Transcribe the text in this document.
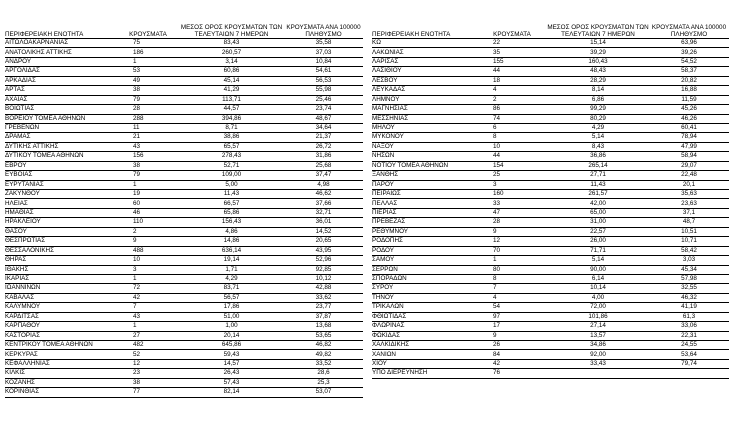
ΠΕΡΙΦΕΡΕΙΑΚΗ ΕΝΟΤΗΤΑ	ΚΡΟΥΣΜΑΤΑ	ΜΕΣΟΣ ΟΡΟΣ ΚΡΟΥΣΜΑΤΩΝ ΤΩΝ ΤΕΛΕΥΤΑΙΩΝ 7 ΗΜΕΡΩΝ	ΚΡΟΥΣΜΑΤΑ ΑΝΑ 100000 ΠΛΗΘΥΣΜΟ
ΑΙΤΩΛΟΑΚΑΡΝΑΝΙΑΣ	75	83,43	35,58
ΑΝΑΤΟΛΙΚΗΣ ΑΤΤΙΚΗΣ	186	260,57	37,03
ΑΝΔΡΟΥ	1	3,14	10,84
ΑΡΓΟΛΙΔΑΣ	53	60,86	54,61
ΑΡΚΑΔΙΑΣ	49	45,14	56,53
ΑΡΤΑΣ	38	41,29	55,98
ΑΧΑΪΑΣ	79	113,71	25,46
ΒΟΙΩΤΙΑΣ	28	44,57	23,74
ΒΟΡΕΙΟΥ ΤΟΜΕΑ ΑΘΗΝΩΝ	288	394,86	48,67
ΓΡΕΒΕΝΩΝ	11	8,71	34,64
ΔΡΑΜΑΣ	21	38,86	21,37
ΔΥΤΙΚΗΣ ΑΤΤΙΚΗΣ	43	65,57	26,72
ΔΥΤΙΚΟΥ ΤΟΜΕΑ ΑΘΗΝΩΝ	156	278,43	31,86
ΕΒΡΟΥ	38	52,71	25,68
ΕΥΒΟΙΑΣ	79	109,00	37,47
ΕΥΡΥΤΑΝΙΑΣ	1	5,00	4,98
ΖΑΚΥΝΘΟΥ	19	11,43	46,62
ΗΛΕΙΑΣ	60	66,57	37,66
ΗΜΑΘΙΑΣ	46	65,86	32,71
ΗΡΑΚΛΕΙΟΥ	110	156,43	36,01
ΘΑΣΟΥ	2	4,86	14,52
ΘΕΣΠΡΩΤΙΑΣ	9	14,86	20,65
ΘΕΣΣΑΛΟΝΙΚΗΣ	488	636,14	43,95
ΘΗΡΑΣ	10	19,14	52,96
ΙΘΑΚΗΣ	3	1,71	92,85
ΙΚΑΡΙΑΣ	1	4,29	10,12
ΙΩΑΝΝΙΝΩΝ	72	83,71	42,88
ΚΑΒΑΛΑΣ	42	56,57	33,62
ΚΑΛΥΜΝΟΥ	7	17,86	23,77
ΚΑΡΔΙΤΣΑΣ	43	51,00	37,87
ΚΑΡΠΑΘΟΥ	1	1,00	13,68
ΚΑΣΤΟΡΙΑΣ	27	20,14	53,65
ΚΕΝΤΡΙΚΟΥ ΤΟΜΕΑ ΑΘΗΝΩΝ	482	645,86	46,82
ΚΕΡΚΥΡΑΣ	52	59,43	49,82
ΚΕΦΑΛΛΗΝΙΑΣ	12	14,57	33,52
ΚΙΛΚΙΣ	23	26,43	28,6
ΚΟΖΑΝΗΣ	38	57,43	25,3
ΚΟΡΙΝΘΙΑΣ	77	82,14	53,07
ΠΕΡΙΦΕΡΕΙΑΚΗ ΕΝΟΤΗΤΑ	ΚΡΟΥΣΜΑΤΑ	ΜΕΣΟΣ ΟΡΟΣ ΚΡΟΥΣΜΑΤΩΝ ΤΩΝ ΤΕΛΕΥΤΑΙΩΝ 7 ΗΜΕΡΩΝ	ΚΡΟΥΣΜΑΤΑ ΑΝΑ 100000 ΠΛΗΘΥΣΜΟ
ΚΩ	22	15,14	63,96
ΛΑΚΩΝΙΑΣ	35	39,29	39,26
ΛΑΡΙΣΑΣ	155	160,43	54,52
ΛΑΣΙΘΙΟΥ	44	48,43	58,37
ΛΕΣΒΟΥ	18	28,29	20,82
ΛΕΥΚΑΔΑΣ	4	8,14	16,88
ΛΗΜΝΟΥ	2	6,86	11,59
ΜΑΓΝΗΣΙΑΣ	86	99,29	45,26
ΜΕΣΣΗΝΙΑΣ	74	80,29	46,26
ΜΗΛΟΥ	6	4,29	60,41
ΜΥΚΟΝΟΥ	8	5,14	78,94
ΝΑΞΟΥ	10	8,43	47,99
ΝΗΣΩΝ	44	36,86	58,94
ΝΟΤΙΟΥ ΤΟΜΕΑ ΑΘΗΝΩΝ	154	265,14	29,07
ΞΑΝΘΗΣ	25	27,71	22,48
ΠΑΡΟΥ	3	11,43	20,1
ΠΕΙΡΑΙΩΣ	160	261,57	35,63
ΠΕΛΛΑΣ	33	42,00	23,63
ΠΙΕΡΙΑΣ	47	65,00	37,1
ΠΡΕΒΕΖΑΣ	28	31,00	48,7
ΡΕΘΥΜΝΟΥ	9	22,57	10,51
ΡΟΔΟΠΗΣ	12	26,00	10,71
ΡΟΔΟΥ	70	71,71	58,42
ΣΑΜΟΥ	1	5,14	3,03
ΣΕΡΡΩΝ	80	90,00	45,34
ΣΠΟΡΑΔΩΝ	8	6,14	57,98
ΣΥΡΟΥ	7	10,14	32,55
ΤΗΝΟΥ	4	4,00	46,32
ΤΡΙΚΑΛΩΝ	54	72,00	41,19
ΦΘΙΩΤΙΔΑΣ	97	101,86	61,3
ΦΛΩΡΙΝΑΣ	17	27,14	33,06
ΦΩΚΙΔΑΣ	9	13,57	22,31
ΧΑΛΚΙΔΙΚΗΣ	26	34,86	24,55
ΧΑΝΙΩΝ	84	92,00	53,64
ΧΙΟΥ	42	33,43	79,74
ΥΠΟ ΔΙΕΡΕΥΝΗΣΗ	76		
